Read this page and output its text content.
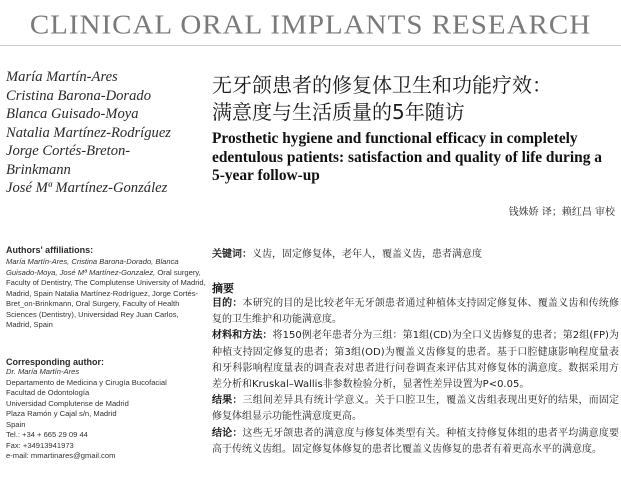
CLINICAL ORAL IMPLANTS RESEARCH
María Martín-Ares
Cristina Barona-Dorado
Blanca Guisado-Moya
Natalia Martínez-Rodríguez
Jorge Cortés-Breton-
Brinkmann
José Mª Martínez-González
Authors' affiliations:
María Martín-Ares, Cristina Barona-Dorado, Blanca Guisado-Moya, José Mª Martínez-Gonzalez, Oral surgery, Faculty of Dentistry, The Complutense University of Madrid, Madrid, Spain Natalia Martínez-Rodríguez, Jorge Cortés-Bret_on-Brinkmann, Oral Surgery, Faculty of Health Sciences (Dentistry), Universidad Rey Juan Carlos, Madrid, Spain
Corresponding author:
Dr. María Martín-Ares
Departamento de Medicina y Cirugía Bucofacial
Facultad de Odontología
Universidad Complutense de Madrid
Plaza Ramón y Cajal s/n, Madrid
Spain
Tel.: +34 + 665 29 09 44
Fax: +34913941973
e-mail: mmartinares@gmail.com
无牙颌患者的修复体卫生和功能疗效：
满意度与生活质量的5年随访
Prosthetic hygiene and functional efficacy in completely edentulous patients: satisfaction and quality of life during a 5-year follow-up
钱姝娇 译；赖红昌 审校
关键词：义齿，固定修复体，老年人，覆盖义齿，患者满意度
摘要

目的：本研究的目的是比较老年无牙颌患者通过种植体支持固定修复体、覆盖义齿和传统修复的卫生维护和功能满意度。

材料和方法：将150例老年患者分为三组：第1组(CD)为全口义齿修复的患者；第2组(FP)为种植支持固定修复的患者；第3组(OD)为覆盖义齿修复的患者。基于口腔健康影响程度量表和牙科影响程度量表的调查表对患者进行问卷调查来评估其对修复体的满意度。数据采用方差分析和Kruskal–Wallis非参数检验分析，显著性差异设置为P<0.05。

结果：三组间差异具有统计学意义。关于口腔卫生，覆盖义齿组表现出更好的结果，而固定修复体组显示功能性满意度更高。

结论：这些无牙颌患者的满意度与修复体类型有关。种植支持修复体组的患者平均满意度要高于传统义齿组。固定修复体修复的患者比覆盖义齿修复的患者有着更高水平的满意度。
